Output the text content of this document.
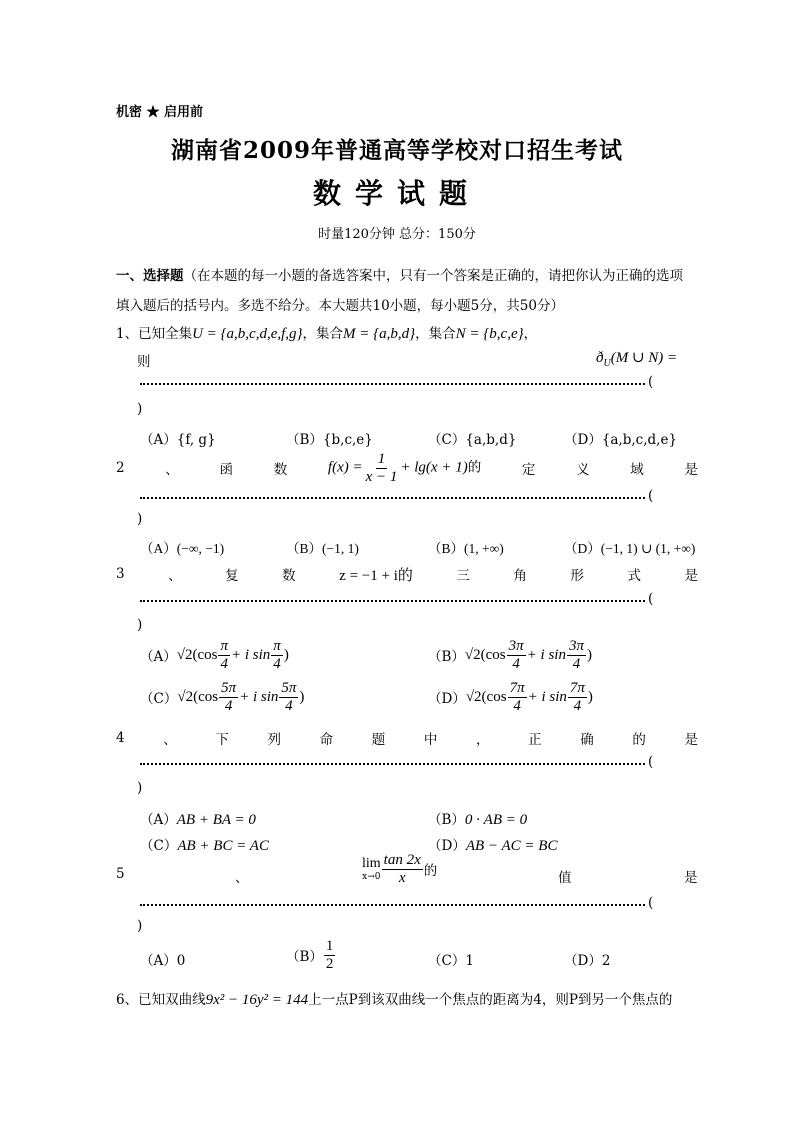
机密 ★ 启用前
湖南省2009年普通高等学校对口招生考试
数学试题
时量120分钟 总分：150分
一、选择题（在本题的每一小题的备选答案中，只有一个答案是正确的，请把你认为正确的选项
填入题后的括号内。多选不给分。本大题共10小题，每小题5分，共50分）
1、已知全集U = {a,b,c,d,e,f,g}，集合M = {a,b,d}，集合N = {b,c,e}，
则	$ð_U(M$ ∪ N) =
(
)
（A）{f, g}	（B）{b,c,e}	（C）{a,b,d}	（D）{a,b,c,d,e}
2	、	函	数	$f(x) = \frac{1}{x - 1} + \lg(x + 1)$的	定	义	域	是
(
)
（A）(−∞, −1)	（B）(−1, 1)	（B）(1, +∞)	（D）(−1, 1) ∪ (1, +∞)
3	、	复	数	z = −1 + i的	三	角	形	式	是
(
)
（A） $√2(\cos \frac{\pi}{4} + i$ $\sin \frac{\pi}{4}$ )	（B） $√2(\cos \frac{3\pi}{4} + i$ $\sin \frac{3\pi}{4}$ )
（C） $√2(\cos \frac{5\pi}{4} + i$ $\sin \frac{5\pi}{4}$ )	（D） $√2(\cos \frac{7\pi}{4} + i$ $\sin \frac{7\pi}{4}$ )
4	、	下	列	命	题	中	，	正	确	的	是
(
)
（A）AB + BA = 0	（B）0 · AB = 0
（C）AB + BC = AC	（D）AB − AC = BC
5	、
lim
$x\to 0 \frac{\tan 2x}{x}$ 的	值	是
(
)
（A）0	$(B) \frac{1}{2}$	（C）1	（D）2
6、已知双曲线9x² − 16y² = 144上一点P到该双曲线一个焦点的距离为4，则P到另一个焦点的
